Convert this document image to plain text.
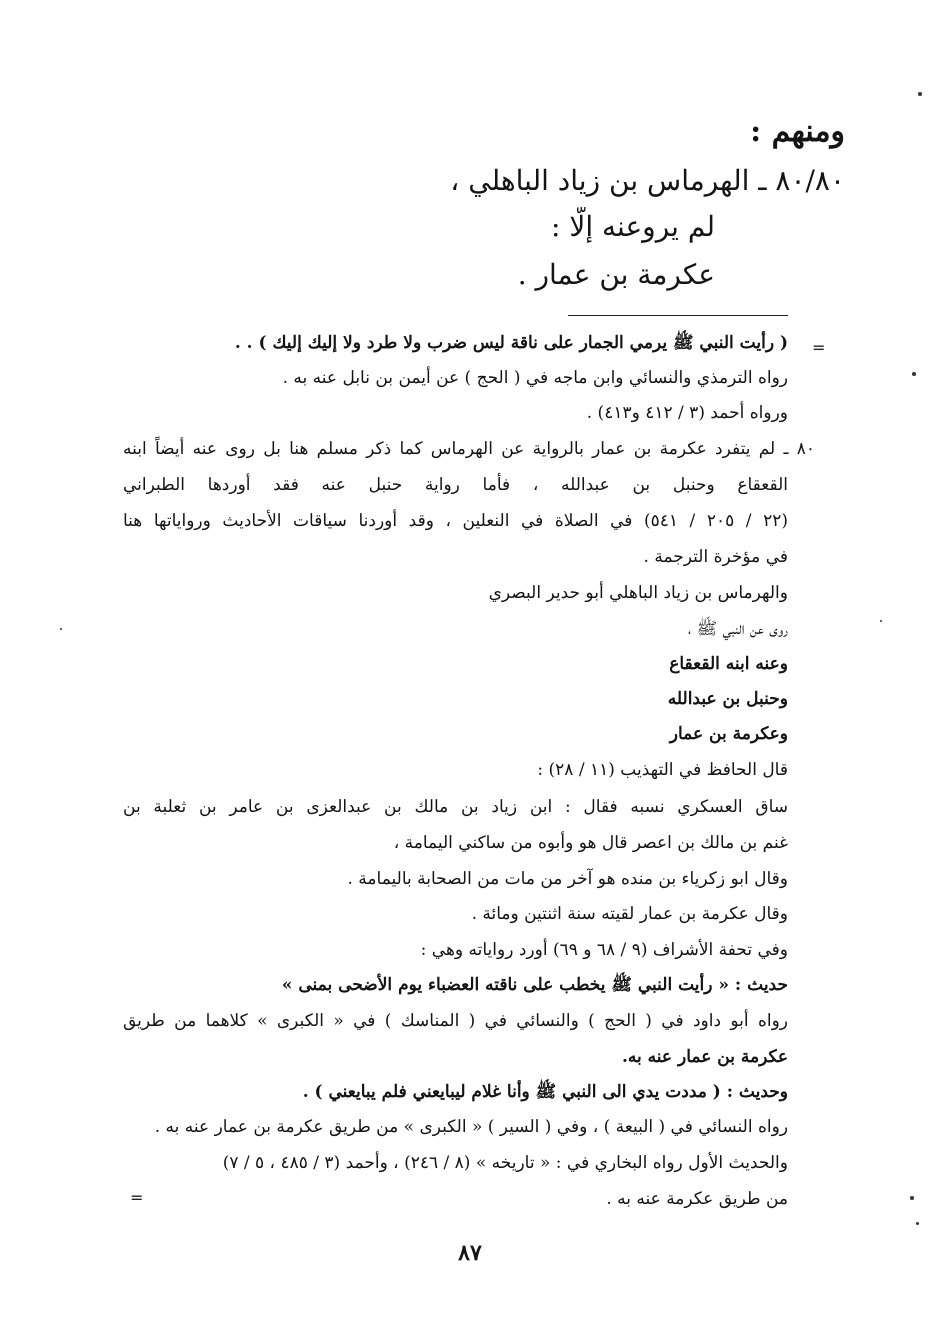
ومنهم :
٨٠/٨٠ ـ الهرماس بن زياد الباهلي ،
لم يروعنه إلّا :
عكرمة بن عمار .
=
( رأيت النبي ﷺ يرمي الجمار على ناقة ليس ضرب ولا طرد ولا إليك إليك ) . .
رواه الترمذي والنسائي وابن ماجه في ( الحج ) عن أيمن بن نابل عنه به .
ورواه أحمد (٣ / ٤١٢ و٤١٣) .
٨٠ ـ لم يتفرد عكرمة بن عمار بالرواية عن الهرماس كما ذكر مسلم هنا بل روى عنه أيضاً ابنه
القعقاع وحنبل بن عبدالله ، فأما رواية حنبل عنه فقد أوردها الطبراني
(٢٢ / ٢٠٥ / ٥٤١) في الصلاة في النعلين ، وقد أوردنا سياقات الأحاديث ورواياتها هنا
في مؤخرة الترجمة .
والهرماس بن زياد الباهلي أبو حدير البصري
روى عن النبي ﷺ ،
وعنه ابنه القعقاع
وحنبل بن عبدالله
وعكرمة بن عمار
قال الحافظ في التهذيب (١١ / ٢٨) :
ساق العسكري نسبه فقال : ابن زياد بن مالك بن عبدالعزى بن عامر بن ثعلبة بن
غنم بن مالك بن اعصر قال هو وأبوه من ساكني اليمامة ،
وقال ابو زكرياء بن منده هو آخر من مات من الصحابة باليمامة .
وقال عكرمة بن عمار لقيته سنة اثنتين ومائة .
وفي تحفة الأشراف (٩ / ٦٨ و ٦٩) أورد رواياته وهي :
حديث : « رأيت النبي ﷺ يخطب على ناقته العضباء يوم الأضحى بمنى »
رواه أبو داود في ( الحج ) والنسائي في ( المناسك ) في « الكبرى » كلاهما من طريق
عكرمة بن عمار عنه به.
وحديث : ( مددت يدي الى النبي ﷺ وأنا غلام ليبايعني فلم يبايعني ) .
رواه النسائي في ( البيعة ) ، وفي ( السير ) « الكبرى » من طريق عكرمة بن عمار عنه به .
والحديث الأول رواه البخاري في : « تاريخه » (٨ / ٢٤٦) ، وأحمد (٣ / ٤٨٥ ، ٥ / ٧)
من طريق عكرمة عنه به .
=
٨٧
